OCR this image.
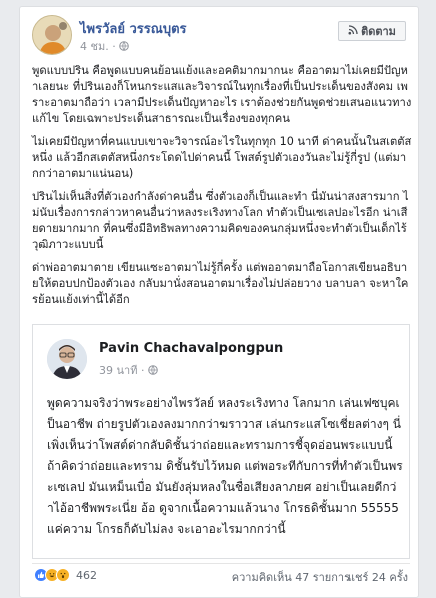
ไพรวัลย์ วรรณบุตร
4 ชม. ·
ติดตาม

พูดแบบปริน คือพูดแบบคนย้อนแย้งและอคติมากมากนะ คืออาตมาไม่เคยมีปัญหาเลยนะ ที่ปรินเองก็โหนกระแสและวิจารณ์ในทุกเรื่องที่เป็นประเด็นของสังคม เพราะอาตมาถือว่า เวลามีประเด็นปัญหาอะไร เราต้องช่วยกันพูดช่วยเสนอแนวทางแก้ไข โดยเฉพาะประเด็นสาธารณะเป็นเรื่องของทุกคน

ไม่เคยมีปัญหาที่คนแบบเขาจะวิจารณ์อะไรในทุกทุก 10 นาที ด่าคนนั้นในสเตตัสหนึ่ง แล้วอีกสเตตัสหนึ่งกระโดดไปด่าคนนี้ โพสต์รูปตัวเองวันละไม่รู้กี่รูป (แต่มากกว่าอาตมาแน่นอน)

ปรินไม่เห็นสิ่งที่ตัวเองกำลังด่าคนอื่น ซึ่งตัวเองก็เป็นและทำ นี่มันน่าสงสารมาก ไม่นับเรื่องการกล่าวหาคนอื่นว่าหลงระเริงทางโลก ทำตัวเป็นเซเลปอะไรอีก น่าเสียดายมากมาก ที่คนซึ่งมีอิทธิพลทางความคิดของคนกลุ่มหนึ่งจะทำตัวเป็นเด็กไร้วุฒิภาวะแบบนี้

ด่าพ่ออาตมาตาย เขียนแซะอาตมาไม่รู้กี่ครั้ง แต่พออาตมาถือโอกาสเขียนอธิบายให้ตอบปกป้องตัวเอง กลับมานั่งสอนอาตมาเรื่องไม่ปล่อยวาง บลาบลา จะหาใครย้อนแย้งเท่านี้ได้อีก

Pavin Chachavalpongpun
39 นาที ·
พูดความจริงว่าพระอย่างไพรวัลย์ หลงระเริงทาง โลกมาก เล่นเฟซบุคเป็นอาชีพ ถ่ายรูปตัวเองลงมากกว่าฆราวาส เล่นกระแสโซเชี่ยลต่างๆ นี่เพิ่งเห็นว่าโพสต์ด่ากลับดิชั้นว่าถ่อยและทรามการชี้จุดอ่อนพระแบบนี้ ถ้าคิดว่าถ่อยและทราม ดิชั้นรับไว้หมด แต่พอระทีกับการที่ทำตัวเป็นพระเซเลป มันเหม็นเบื่อ มันยังลุ่มหลงในชื่อเสียงลาภยศ อย่าเป็นเลยดีกว่าไอ้อาชีพพระเนี่ย อ้อ ดูจากเนื้อความแล้วนาง โกรธดิชั้นมาก 55555 แค่ความ โกรธก็ดับไม่ลง จะเอาอะไรมากกว่านี้
462	ความคิดเห็น 47 รายการ
แชร์ 24 ครั้ง
